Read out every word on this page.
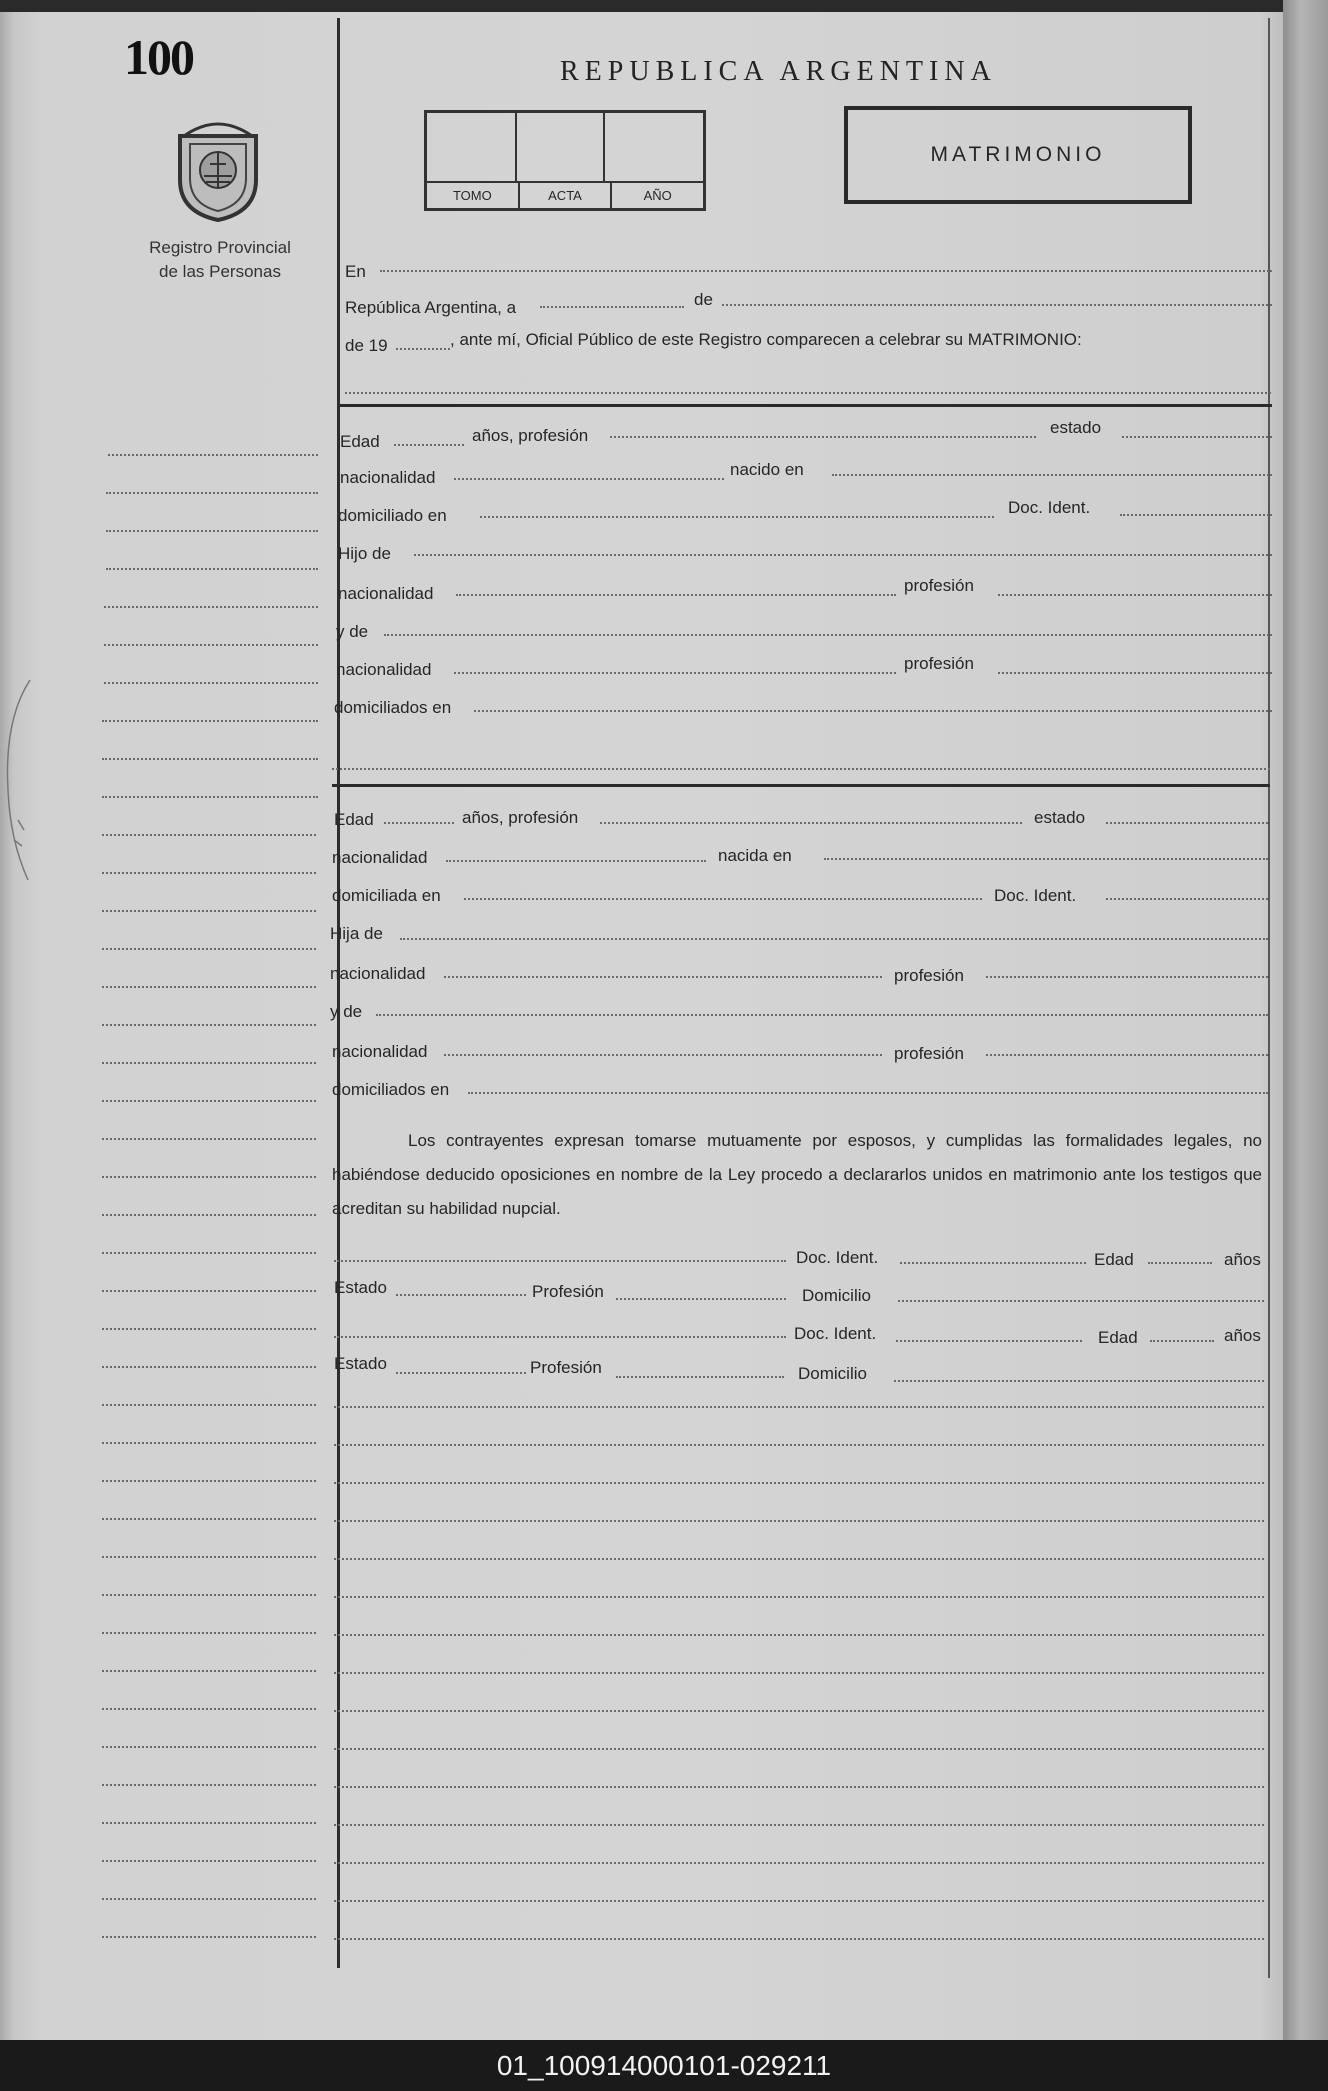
100
Registro Provincial
de las Personas
REPUBLICA ARGENTINA
TOMO	ACTA	AÑO
MATRIMONIO
En
República Argentina, a	de
de 19	, ante mí, Oficial Público de este Registro comparecen a celebrar su MATRIMONIO:
Edad	años, profesión	estado
nacionalidad	nacido en
domiciliado en	Doc. Ident.
Hijo de
nacionalidad	profesión
y de
nacionalidad	profesión
domiciliados en
Edad	años, profesión	estado
nacionalidad	nacida en
domiciliada en	Doc. Ident.
Hija de
nacionalidad	profesión
y de
nacionalidad	profesión
domiciliados en
Los contrayentes expresan tomarse mutuamente por esposos, y cumplidas las formalidades legales, no habiéndose deducido oposiciones en nombre de la Ley procedo a declararlos unidos en matrimonio ante los testigos que acreditan su habilidad nupcial.
Doc. Ident.	Edad	años
Estado	Profesión	Domicilio
Doc. Ident.	Edad	años
Estado	Profesión	Domicilio
01_100914000101-029211
